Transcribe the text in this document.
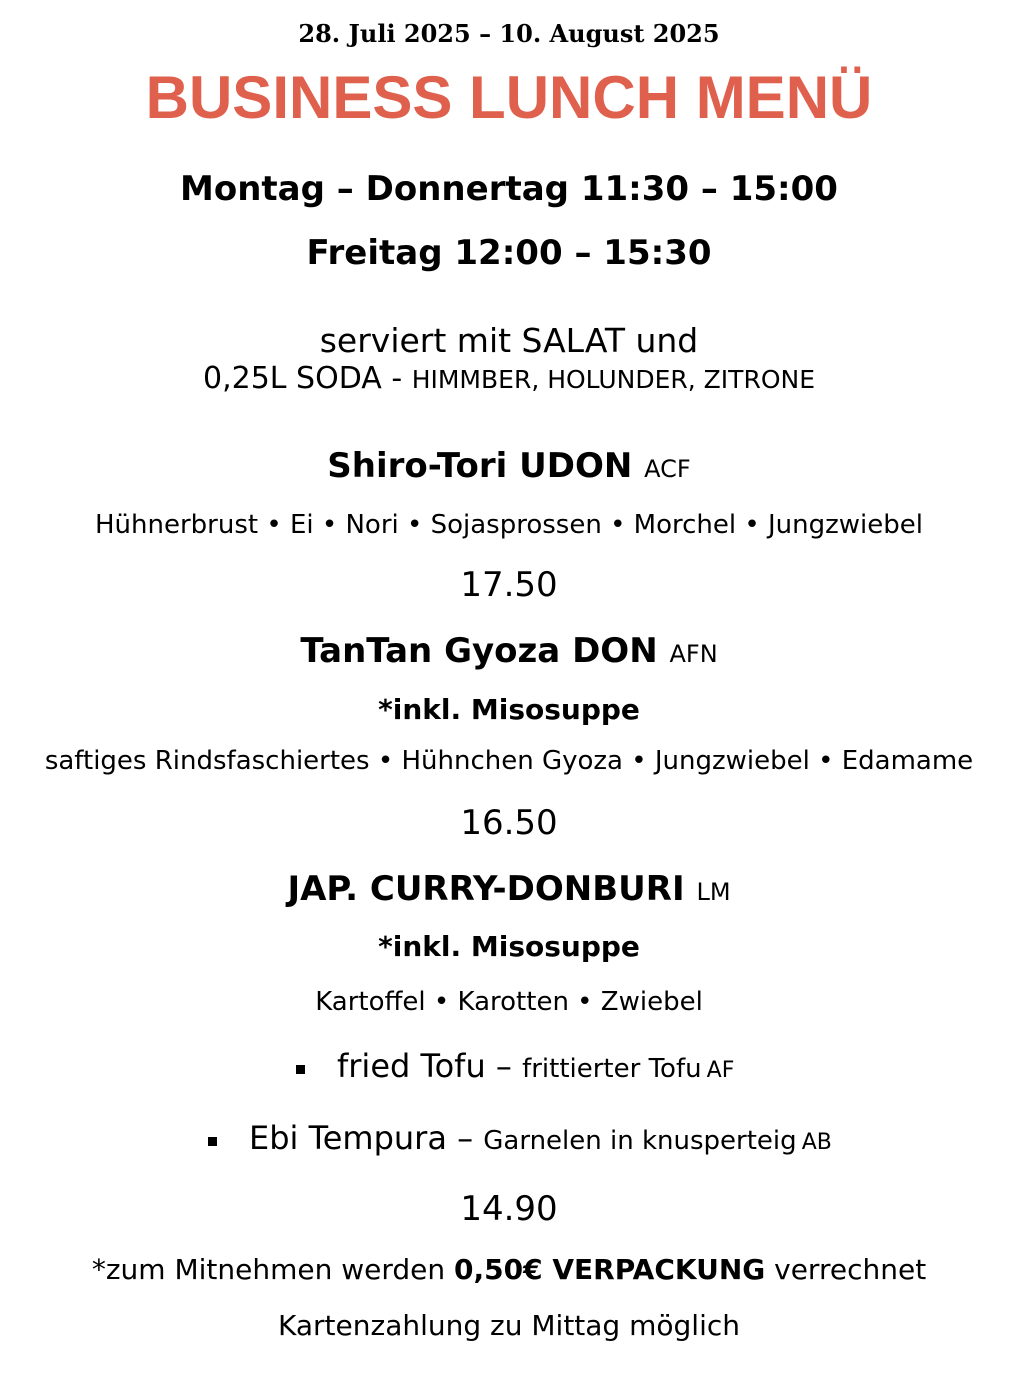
28. Juli 2025 – 10. August 2025
BUSINESS LUNCH MENÜ
Montag – Donnertag 11:30 – 15:00
Freitag 12:00 – 15:30
serviert mit SALAT und
0,25L SODA - HIMMBER, HOLUNDER, ZITRONE
Shiro-Tori UDON ACF
Hühnerbrust • Ei • Nori • Sojasprossen • Morchel • Jungzwiebel
17.50
TanTan Gyoza DON AFN
*inkl. Misosuppe
saftiges Rindsfaschiertes • Hühnchen Gyoza • Jungzwiebel • Edamame
16.50
JAP. CURRY-DONBURI LM
*inkl. Misosuppe
Kartoffel • Karotten • Zwiebel
fried Tofu – frittierter Tofu AF
Ebi Tempura – Garnelen in knusperteig AB
14.90
*zum Mitnehmen werden 0,50€ VERPACKUNG verrechnet
Kartenzahlung zu Mittag möglich
